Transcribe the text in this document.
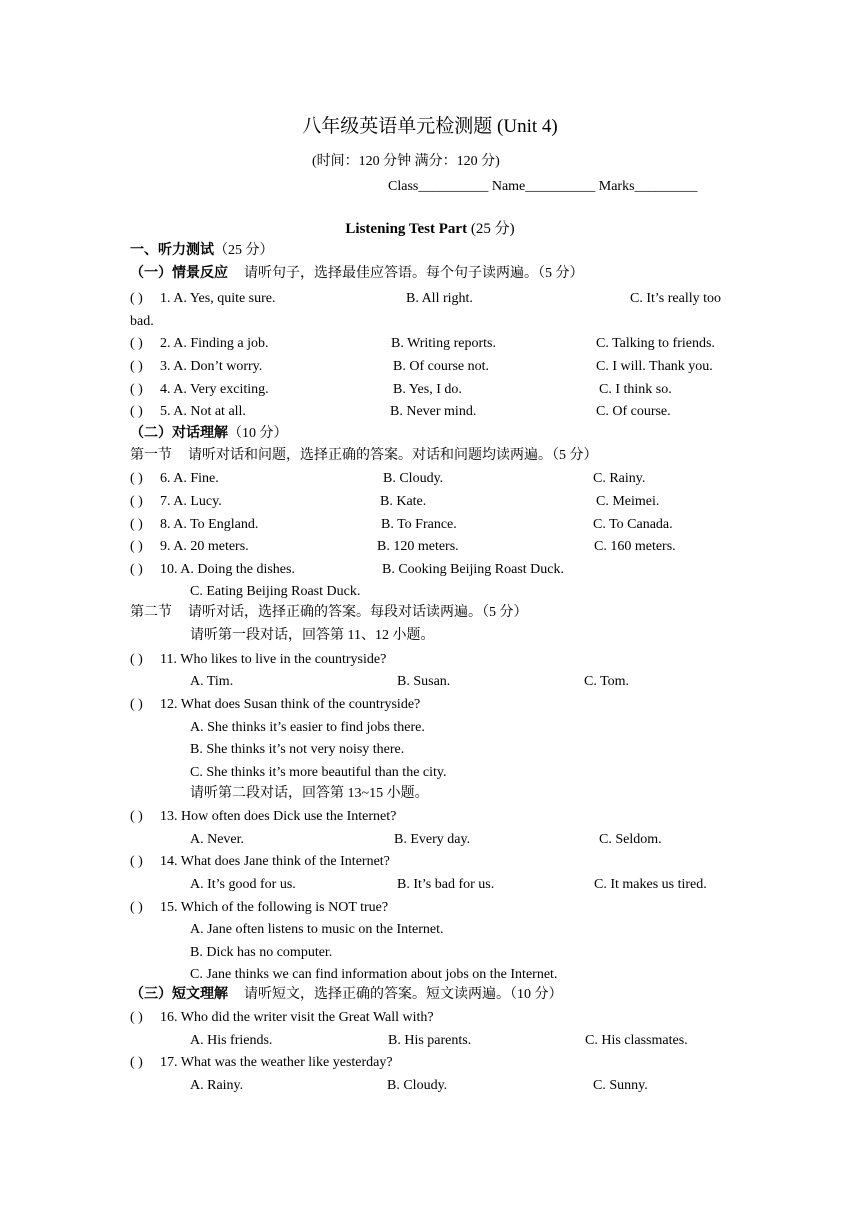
八年级英语单元检测题 (Unit 4)
(时间：120 分钟 满分：120 分)
Class__________ Name__________ Marks_________
Listening Test Part (25 分)
一、听力测试（25 分）
（一）情景反应 请听句子，选择最佳应答语。每个句子读两遍。（5 分）
( ) 1. A. Yes, quite sure.	B. All right.	C. It’s really too
bad.
( ) 2. A. Finding a job.	B. Writing reports.	C. Talking to friends.
( ) 3. A. Don’t worry.	B. Of course not.	C. I will. Thank you.
( ) 4. A. Very exciting.	B. Yes, I do.	C. I think so.
( ) 5. A. Not at all.	B. Never mind.	C. Of course.
（二）对话理解（10 分）
第一节 请听对话和问题，选择正确的答案。对话和问题均读两遍。（5 分）
( ) 6. A. Fine.	B. Cloudy.	C. Rainy.
( ) 7. A. Lucy.	B. Kate.	C. Meimei.
( ) 8. A. To England.	B. To France.	C. To Canada.
( ) 9. A. 20 meters.	B. 120 meters.	C. 160 meters.
( ) 10. A. Doing the dishes.	B. Cooking Beijing Roast Duck.
C. Eating Beijing Roast Duck.
第二节 请听对话，选择正确的答案。每段对话读两遍。（5 分）
请听第一段对话，回答第 11、12 小题。
( ) 11. Who likes to live in the countryside?
A. Tim.	B. Susan.	C. Tom.
( ) 12. What does Susan think of the countryside?
A. She thinks it’s easier to find jobs there.
B. She thinks it’s not very noisy there.
C. She thinks it’s more beautiful than the city.
请听第二段对话，回答第 13~15 小题。
( ) 13. How often does Dick use the Internet?
A. Never.	B. Every day.	C. Seldom.
( ) 14. What does Jane think of the Internet?
A. It’s good for us.	B. It’s bad for us.	C. It makes us tired.
( ) 15. Which of the following is NOT true?
A. Jane often listens to music on the Internet.
B. Dick has no computer.
C. Jane thinks we can find information about jobs on the Internet.
（三）短文理解 请听短文，选择正确的答案。短文读两遍。（10 分）
( ) 16. Who did the writer visit the Great Wall with?
A. His friends.	B. His parents.	C. His classmates.
( ) 17. What was the weather like yesterday?
A. Rainy.	B. Cloudy.	C. Sunny.
